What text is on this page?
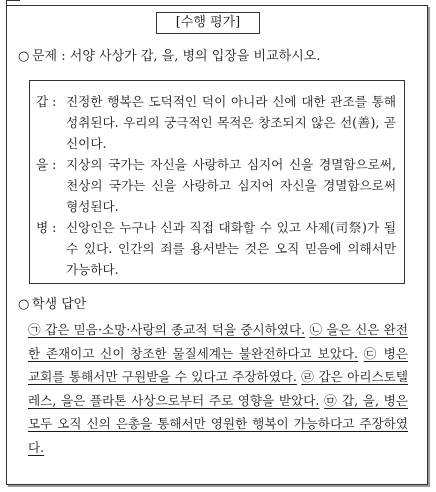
[수행 평가]
○ 문제 : 서양 사상가 갑, 을, 병의 입장을 비교하시오.
갑 : 진정한 행복은 도덕적인 덕이 아니라 신에 대한 관조를 통해 성취된다. 우리의 궁극적인 목적은 창조되지 않은 선(善), 곧 신이다.
을 : 지상의 국가는 자신을 사랑하고 심지어 신을 경멸함으로써, 천상의 국가는 신을 사랑하고 심지어 자신을 경멸함으로써 형성된다.
병 : 신앙인은 누구나 신과 직접 대화할 수 있고 사제(司祭)가 될 수 있다. 인간의 죄를 용서받는 것은 오직 믿음에 의해서만 가능하다.
○ 학생 답안
㉠ 갑은 믿음·소망·사랑의 종교적 덕을 중시하였다. ㉡ 을은 신은 완전한 존재이고 신이 창조한 물질세계는 불완전하다고 보았다. ㉢ 병은 교회를 통해서만 구원받을 수 있다고 주장하였다. ㉣ 갑은 아리스토텔레스, 을은 플라톤 사상으로부터 주로 영향을 받았다. ㉤ 갑, 을, 병은 모두 오직 신의 은총을 통해서만 영원한 행복이 가능하다고 주장하였다.
